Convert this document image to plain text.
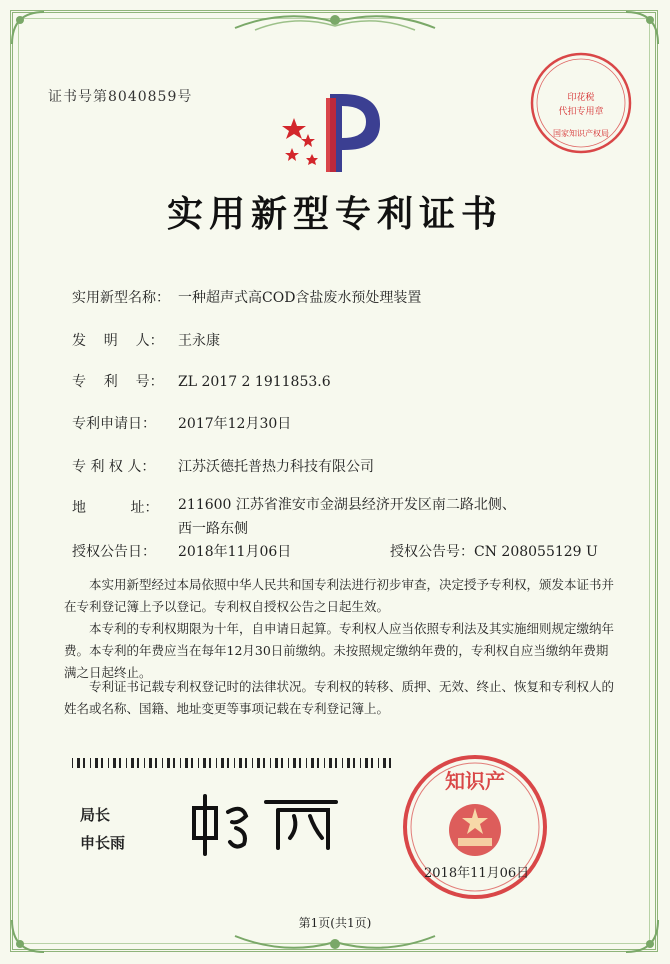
证书号第8040859号
实用新型专利证书
实用新型名称： 一种超声式高COD含盐废水预处理装置
发    明    人： 王永康
专    利    号： ZL 2017 2 1911853.6
专利申请日： 2017年12月30日
专 利 权 人： 江苏沃德托普热力科技有限公司
地          址：	211600 江苏省淮安市金湖县经济开发区南二路北侧、西一路东侧
授权公告日： 2018年11月06日	授权公告号：CN 208055129 U
本实用新型经过本局依照中华人民共和国专利法进行初步审查，决定授予专利权，颁发本证书并在专利登记簿上予以登记。专利权自授权公告之日起生效。
本专利的专利权期限为十年，自申请日起算。专利权人应当依照专利法及其实施细则规定缴纳年费。本专利的年费应当在每年12月30日前缴纳。未按照规定缴纳年费的，专利权自应当缴纳年费期满之日起终止。
专利证书记载专利权登记时的法律状况。专利权的转移、质押、无效、终止、恢复和专利权人的姓名或名称、国籍、地址变更等事项记载在专利登记簿上。
局长
申长雨
知识产
印花税
代扣专用章
国家知识产权局
2018年11月06日
第1页(共1页)
